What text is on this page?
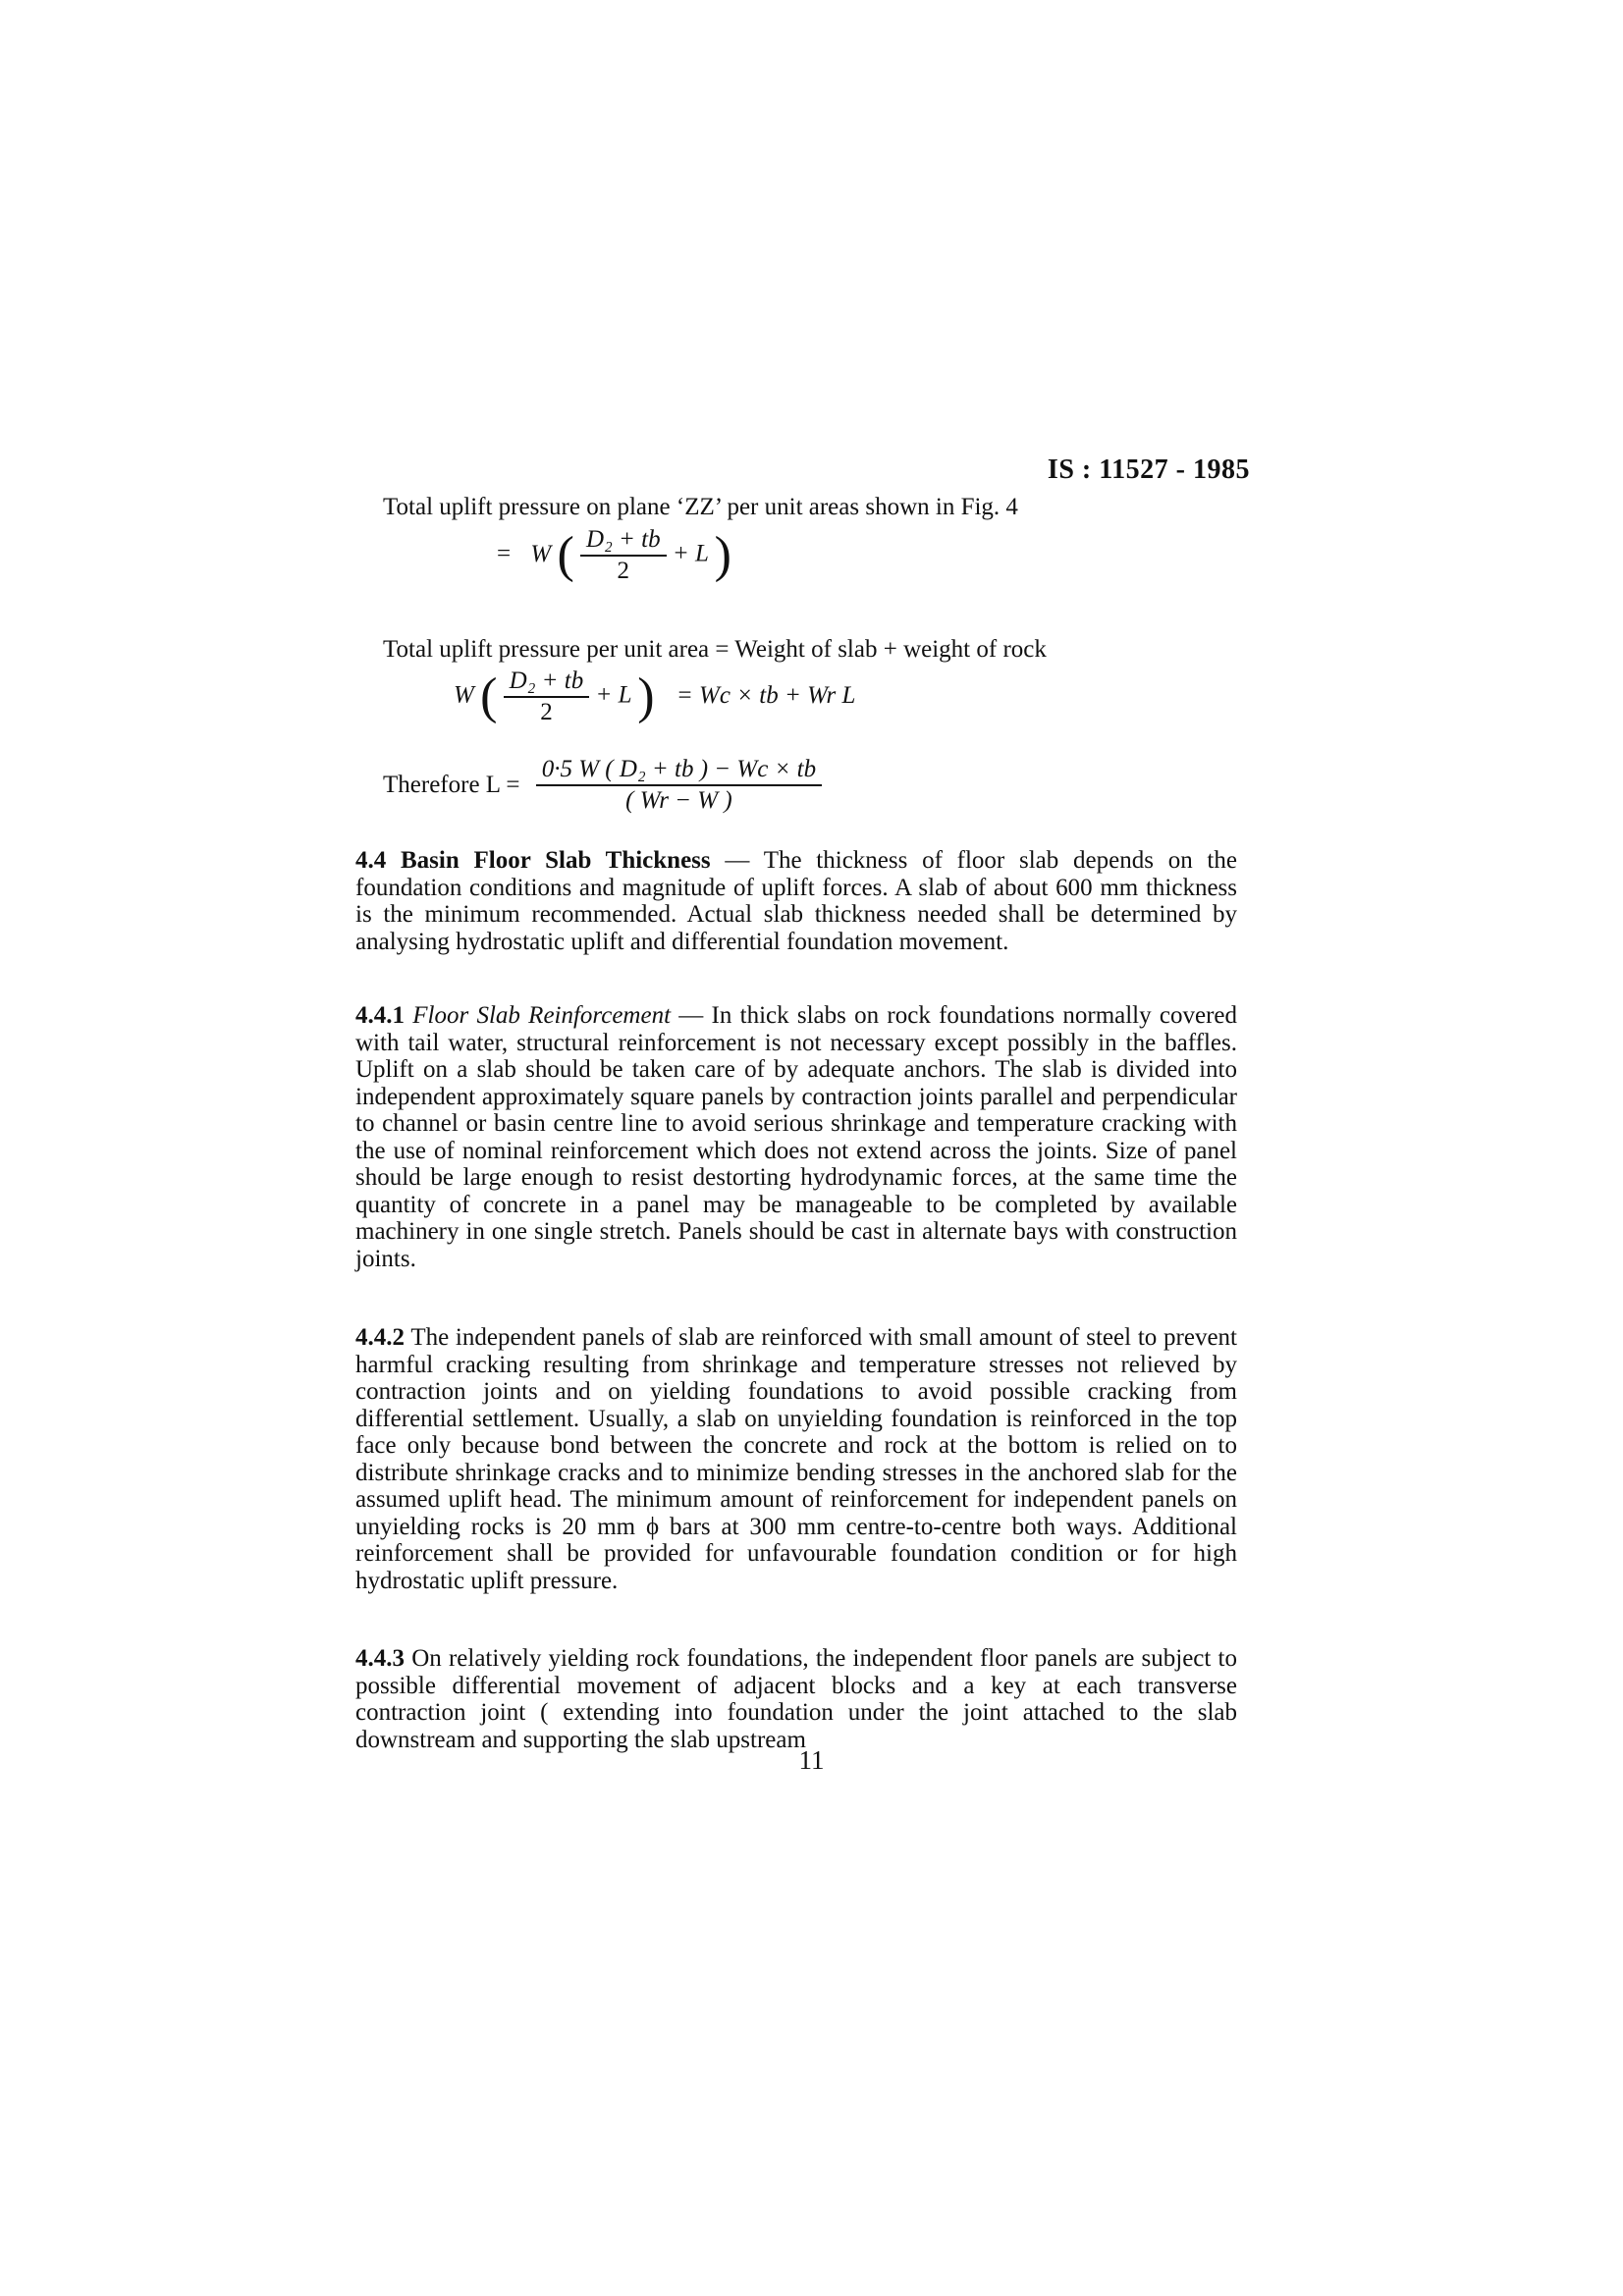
IS : 11527 - 1985
Total uplift pressure on plane ‘ZZ’ per unit areas shown in Fig. 4
= W ( $\frac{\text{D₂ + tb}}{2} + L$ )
Total uplift pressure per unit area = Weight of slab + weight of rock
W ( $\frac{\text{D₂ + tb}}{2} + L$ ) = Wc × tb + Wr L
Therefore $L = \frac{\text{0·5 W ( D₂ + tb ) − Wc × tb}}{( Wr - W )}$

4.4 Basin Floor Slab Thickness — The thickness of floor slab depends on the foundation conditions and magnitude of uplift forces. A slab of about 600 mm thickness is the minimum recommended. Actual slab thickness needed shall be determined by analysing hydrostatic uplift and differential foundation movement.

4.4.1 Floor Slab Reinforcement — In thick slabs on rock foundations normally covered with tail water, structural reinforcement is not necessary except possibly in the baffles. Uplift on a slab should be taken care of by adequate anchors. The slab is divided into independent approximately square panels by contraction joints parallel and perpendicular to channel or basin centre line to avoid serious shrinkage and temperature cracking with the use of nominal reinforcement which does not extend across the joints. Size of panel should be large enough to resist destorting hydrodynamic forces, at the same time the quantity of concrete in a panel may be manageable to be completed by available machinery in one single stretch. Panels should be cast in alternate bays with construction joints.

4.4.2 The independent panels of slab are reinforced with small amount of steel to prevent harmful cracking resulting from shrinkage and temperature stresses not relieved by contraction joints and on yielding foundations to avoid possible cracking from differential settlement. Usually, a slab on unyielding foundation is reinforced in the top face only because bond between the concrete and rock at the bottom is relied on to distribute shrinkage cracks and to minimize bending stresses in the anchored slab for the assumed uplift head. The minimum amount of reinforcement for independent panels on unyielding rocks is 20 mm ϕ bars at 300 mm centre-to-centre both ways. Additional reinforcement shall be provided for unfavourable foundation condition or for high hydrostatic uplift pressure.

4.4.3 On relatively yielding rock foundations, the independent floor panels are subject to possible differential movement of adjacent blocks and a key at each transverse contraction joint ( extending into foundation under the joint attached to the slab downstream and supporting the slab upstream

11
